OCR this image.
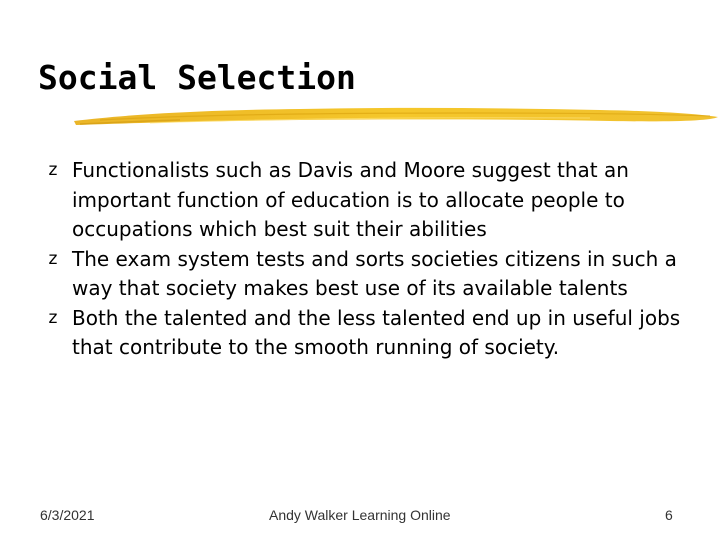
Social Selection
z Functionalists such as Davis and Moore suggest that an important function of education is to allocate people to occupations which best suit their abilities
z The exam system tests and sorts societies citizens in such a way that society makes best use of its available talents
z Both the talented and the less talented end up in useful jobs that contribute to the smooth running of society.
6/3/2021	Andy Walker Learning Online	6
